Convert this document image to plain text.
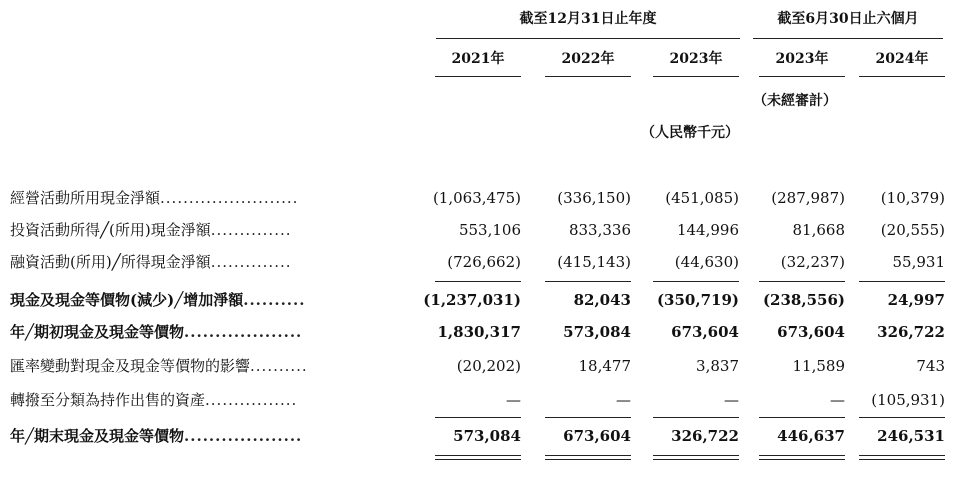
截至12月31日止年度	截至6月30日止六個月
2021年	2022年	2023年	2023年	2024年
（未經審計）
（人民幣千元）
經營活動所用現金淨額........................	(1,063,475)	(336,150)	(451,085)	(287,987)	(10,379)
投資活動所得╱(所用)現金淨額..............	553,106	833,336	144,996	81,668	(20,555)
融資活動(所用)╱所得現金淨額..............	(726,662)	(415,143)	(44,630)	(32,237)	55,931
現金及現金等價物(減少)╱增加淨額..........	(1,237,031)	82,043	(350,719)	(238,556)	24,997
年╱期初現金及現金等價物...................	1,830,317	573,084	673,604	673,604	326,722
匯率變動對現金及現金等價物的影響..........	(20,202)	18,477	3,837	11,589	743
轉撥至分類為持作出售的資產................	—	—	—	—	(105,931)
年╱期末現金及現金等價物...................	573,084	673,604	326,722	446,637	246,531
